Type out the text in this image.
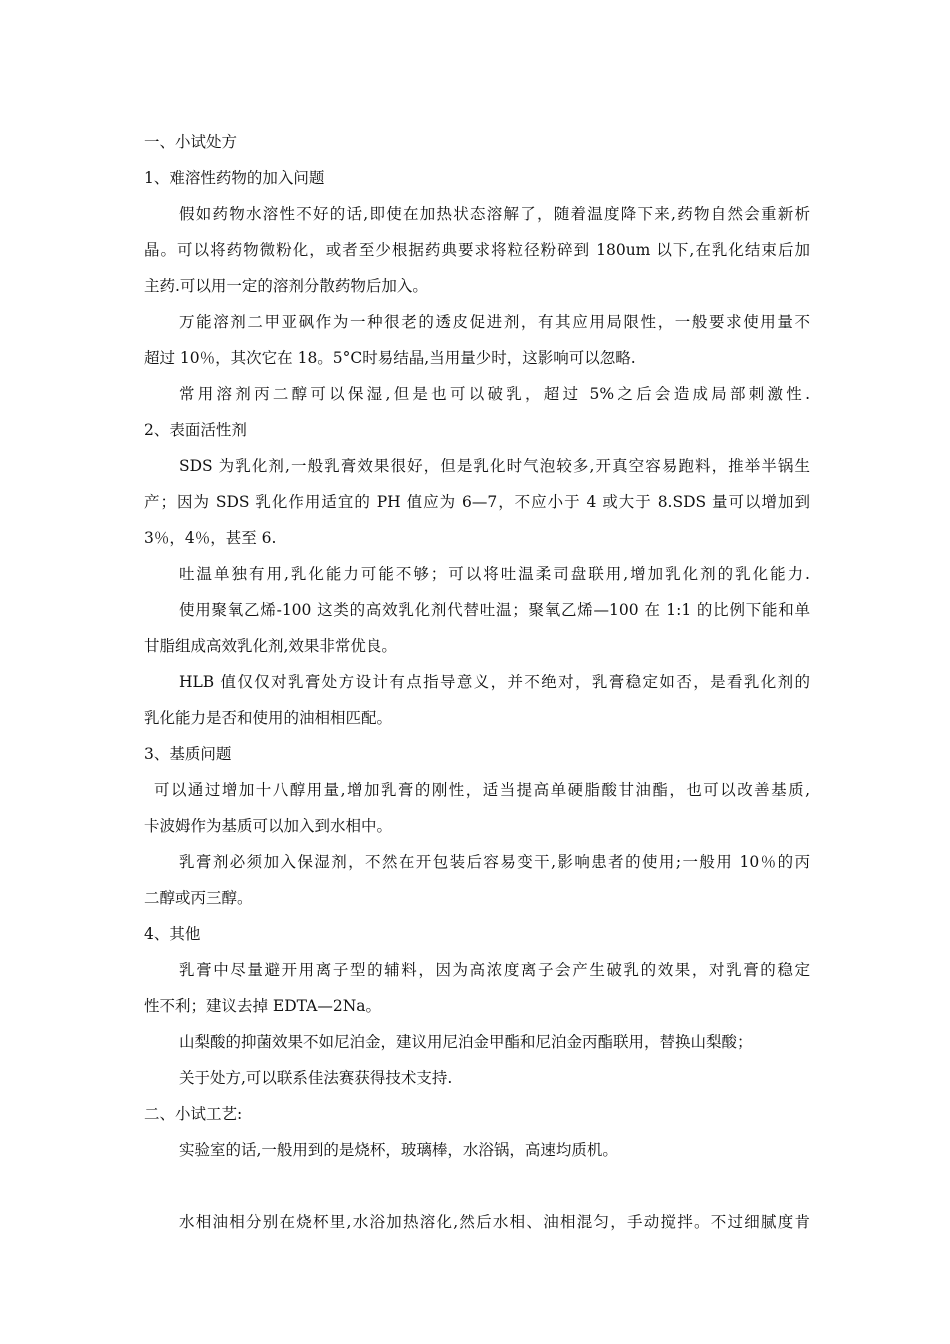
一、小试处方

1、难溶性药物的加入问题

假如药物水溶性不好的话,即使在加热状态溶解了，随着温度降下来,药物自然会重新析

晶。可以将药物微粉化，或者至少根据药典要求将粒径粉碎到 180um 以下,在乳化结束后加

主药.可以用一定的溶剂分散药物后加入。

万能溶剂二甲亚砜作为一种很老的透皮促进剂，有其应用局限性，一般要求使用量不

超过 10％，其次它在 18。5°C时易结晶,当用量少时，这影响可以忽略.

常用溶剂丙二醇可以保湿,但是也可以破乳，超过 5%之后会造成局部刺激性.

2、表面活性剂

SDS 为乳化剂,一般乳膏效果很好，但是乳化时气泡较多,开真空容易跑料，推举半锅生

产；因为 SDS 乳化作用适宜的 PH 值应为 6—7，不应小于 4 或大于 8.SDS 量可以增加到

3％，4％，甚至 6.

吐温单独有用,乳化能力可能不够；可以将吐温柔司盘联用,增加乳化剂的乳化能力.

使用聚氧乙烯-100 这类的高效乳化剂代替吐温；聚氧乙烯—100 在 1:1 的比例下能和单

甘脂组成高效乳化剂,效果非常优良。

HLB 值仅仅对乳膏处方设计有点指导意义，并不绝对，乳膏稳定如否，是看乳化剂的

乳化能力是否和使用的油相相匹配。

3、基质问题

可以通过增加十八醇用量,增加乳膏的刚性，适当提高单硬脂酸甘油酯，也可以改善基质,

卡波姆作为基质可以加入到水相中。

乳膏剂必须加入保湿剂，不然在开包装后容易变干,影响患者的使用;一般用 10％的丙

二醇或丙三醇。

4、其他

乳膏中尽量避开用离子型的辅料，因为高浓度离子会产生破乳的效果，对乳膏的稳定

性不利；建议去掉 EDTA—2Na。

山梨酸的抑菌效果不如尼泊金，建议用尼泊金甲酯和尼泊金丙酯联用，替换山梨酸；

关于处方,可以联系佳法赛获得技术支持.

二、小试工艺:

实验室的话,一般用到的是烧杯，玻璃棒，水浴锅，高速均质机。

水相油相分别在烧杯里,水浴加热溶化,然后水相、油相混匀，手动搅拌。不过细腻度肯
